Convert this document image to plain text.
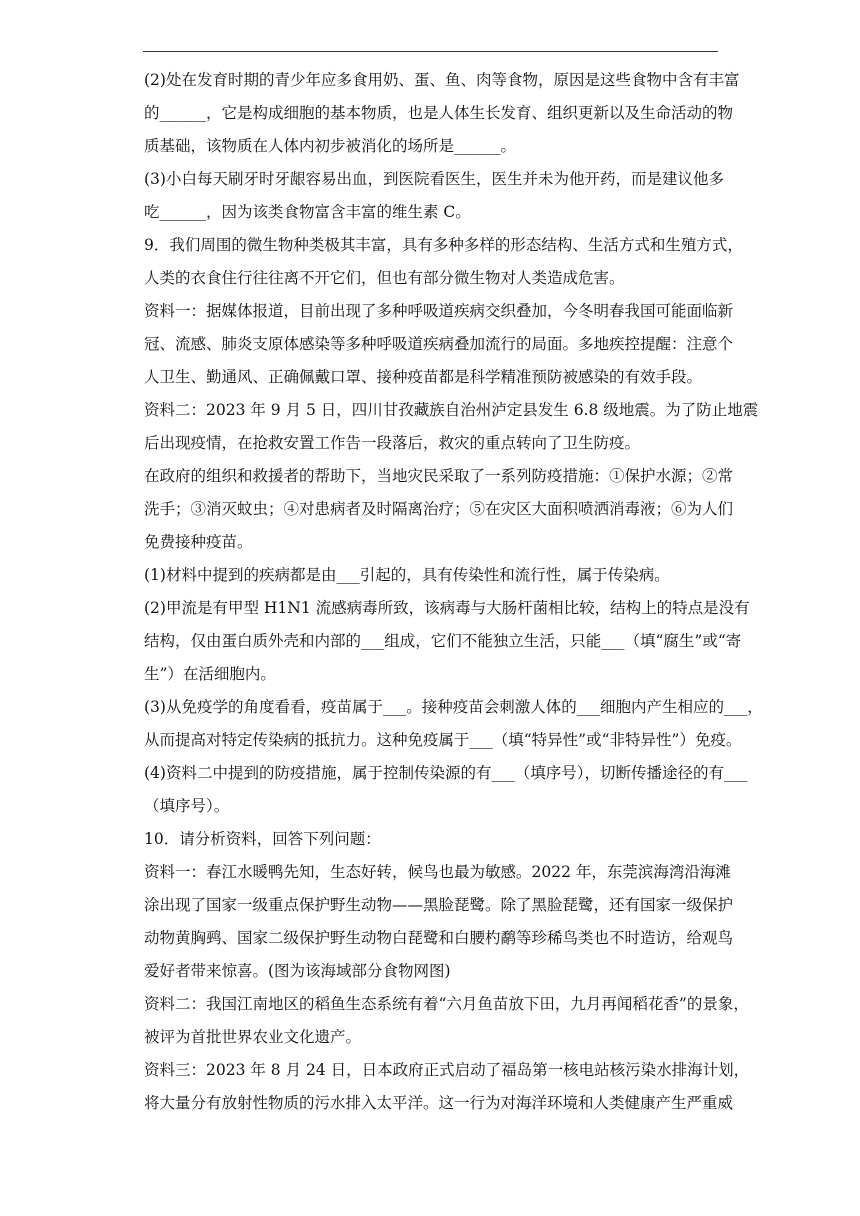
(2)处在发育时期的青少年应多食用奶、蛋、鱼、肉等食物，原因是这些食物中含有丰富
的______，它是构成细胞的基本物质，也是人体生长发育、组织更新以及生命活动的物
质基础，该物质在人体内初步被消化的场所是______。
(3)小白每天刷牙时牙龈容易出血，到医院看医生，医生并未为他开药，而是建议他多
吃______，因为该类食物富含丰富的维生素 C。
9．我们周围的微生物种类极其丰富，具有多种多样的形态结构、生活方式和生殖方式，
人类的衣食住行往往离不开它们，但也有部分微生物对人类造成危害。
资料一：据媒体报道，目前出现了多种呼吸道疾病交织叠加，今冬明春我国可能面临新
冠、流感、肺炎支原体感染等多种呼吸道疾病叠加流行的局面。多地疾控提醒：注意个
人卫生、勤通风、正确佩戴口罩、接种疫苗都是科学精准预防被感染的有效手段。
资料二：2023 年 9 月 5 日，四川甘孜藏族自治州泸定县发生 6.8 级地震。为了防止地震
后出现疫情，在抢救安置工作告一段落后，救灾的重点转向了卫生防疫。
在政府的组织和救援者的帮助下，当地灾民采取了一系列防疫措施：①保护水源；②常
洗手；③消灭蚊虫；④对患病者及时隔离治疗；⑤在灾区大面积喷洒消毒液；⑥为人们
免费接种疫苗。
(1)材料中提到的疾病都是由___引起的，具有传染性和流行性，属于传染病。
(2)甲流是有甲型 H1N1 流感病毒所致，该病毒与大肠杆菌相比较，结构上的特点是没有
结构，仅由蛋白质外壳和内部的___组成，它们不能独立生活，只能___（填“腐生”或“寄
生”）在活细胞内。
(3)从免疫学的角度看看，疫苗属于___。接种疫苗会刺激人体的___细胞内产生相应的___，
从而提高对特定传染病的抵抗力。这种免疫属于___（填“特异性”或“非特异性”）免疫。
(4)资料二中提到的防疫措施，属于控制传染源的有___（填序号），切断传播途径的有___
（填序号）。
10．请分析资料，回答下列问题：
资料一：春江水暖鸭先知，生态好转，候鸟也最为敏感。2022 年，东莞滨海湾沿海滩
涂出现了国家一级重点保护野生动物——黑脸琵鹭。除了黑脸琵鹭，还有国家一级保护
动物黄胸鹀、国家二级保护野生动物白琵鹭和白腰杓鹬等珍稀鸟类也不时造访，给观鸟
爱好者带来惊喜。(图为该海域部分食物网图)
资料二：我国江南地区的稻鱼生态系统有着“六月鱼苗放下田，九月再闻稻花香”的景象，
被评为首批世界农业文化遗产。
资料三：2023 年 8 月 24 日，日本政府正式启动了福岛第一核电站核污染水排海计划，
将大量分有放射性物质的污水排入太平洋。这一行为对海洋环境和人类健康产生严重威
